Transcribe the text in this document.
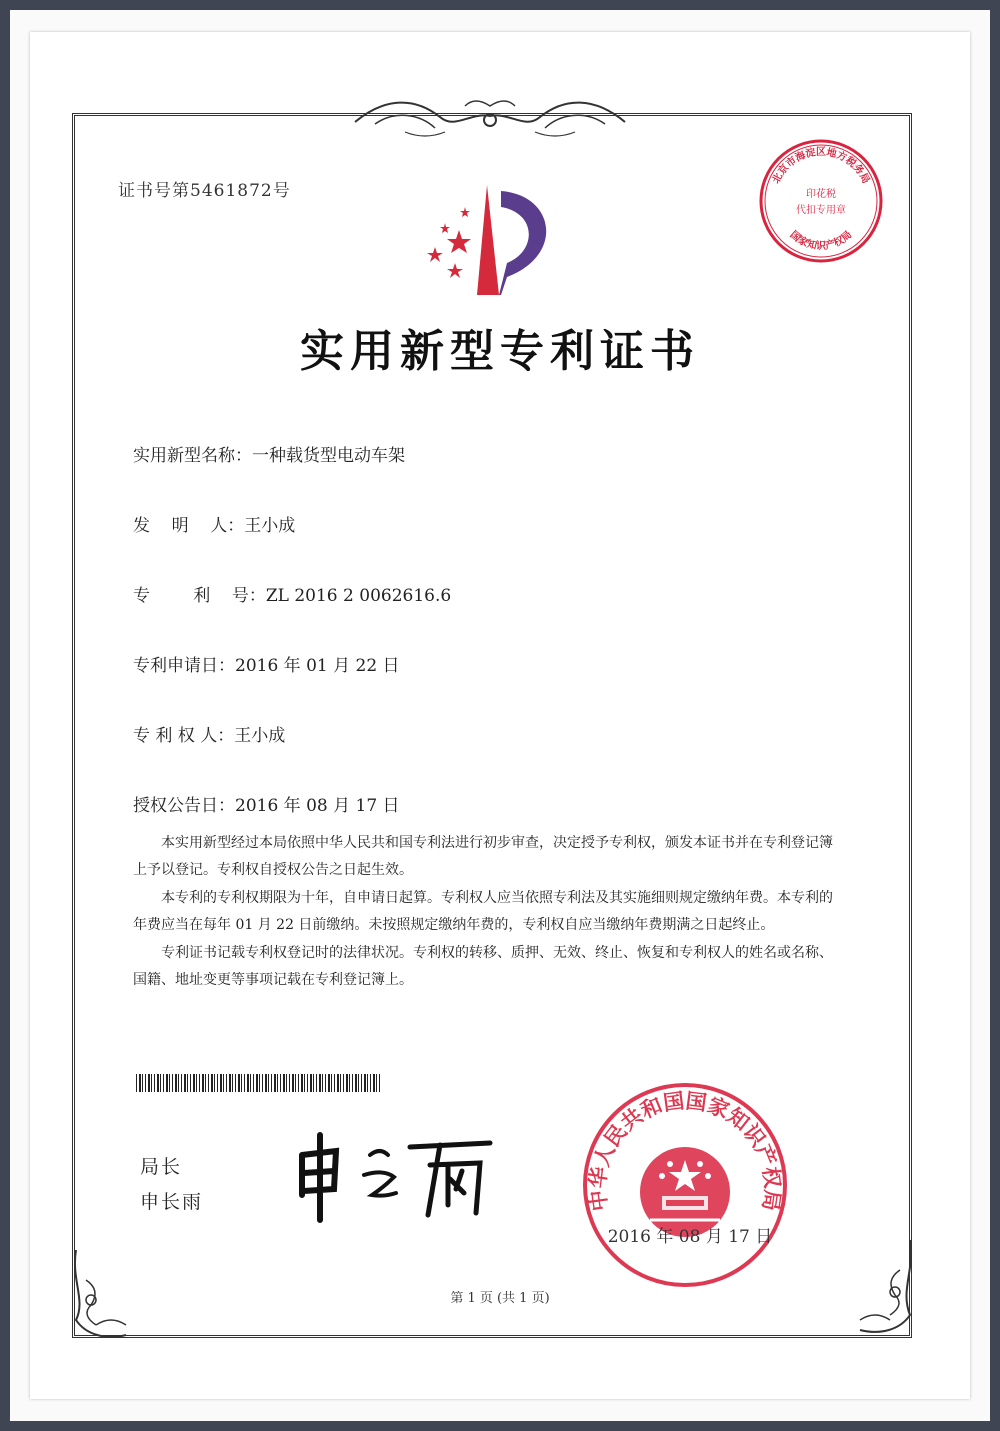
证书号第5461872号
北京市海淀区地方税务局
印花税
代扣专用章
国家知识产权局
实用新型专利证书
实用新型名称：一种载货型电动车架
发    明    人：王小成
专        利    号：ZL 2016 2 0062616.6
专利申请日：2016 年 01 月 22 日
专 利 权 人：王小成
授权公告日：2016 年 08 月 17 日

本实用新型经过本局依照中华人民共和国专利法进行初步审查，决定授予专利权，颁发本证书并在专利登记簿上予以登记。专利权自授权公告之日起生效。

本专利的专利权期限为十年，自申请日起算。专利权人应当依照专利法及其实施细则规定缴纳年费。本专利的年费应当在每年 01 月 22 日前缴纳。未按照规定缴纳年费的，专利权自应当缴纳年费期满之日起终止。

专利证书记载专利权登记时的法律状况。专利权的转移、质押、无效、终止、恢复和专利权人的姓名或名称、国籍、地址变更等事项记载在专利登记簿上。

局长
申长雨	中华人民共和国国家知识产权局
2016 年 08 月 17 日
第 1 页 (共 1 页)
